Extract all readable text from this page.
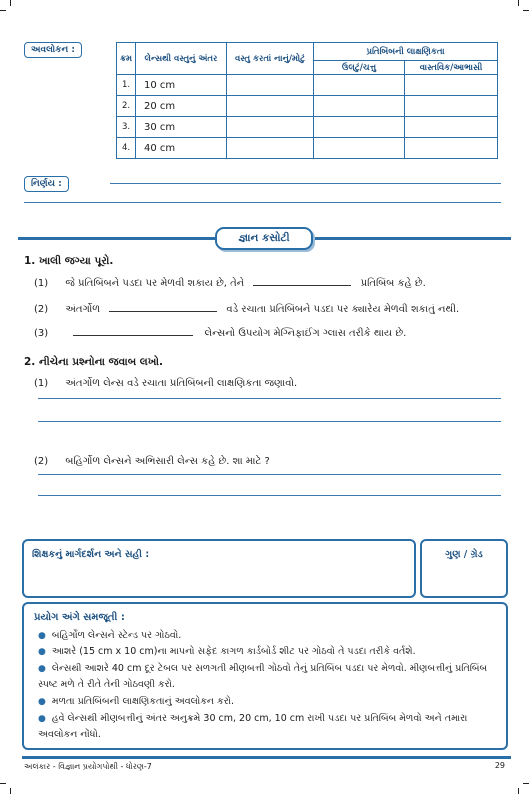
અવલોકન :
ક્રમ	લેન્સથી વસ્તુનું અંતર	વસ્તુ કરતાં નાનું/મોટું	પ્રતિબિંબની લાક્ષણિકતા	
			ઉલટું/ચત્તુ	વાસ્તવિક/આભાસી
1.	10 cm			
2.	20 cm			
3.	30 cm			
4.	40 cm			
નિર્ણય :
જ્ઞાન કસોટી
1. ખાલી જગ્યા પૂરો.
(1) જે પ્રતિબિંબને પડદા પર મેળવી શકાય છે, તેને	પ્રતિબિંબ કહે છે.
(2) અંતર્ગોળ	વડે રચાતા પ્રતિબિંબને પડદા પર ક્યારેય મેળવી શકાતું નથી.
(3)	લેન્સનો ઉપયોગ મેગ્નિફાઈંગ ગ્લાસ તરીકે થાય છે.
2. નીચેના પ્રશ્નોના જવાબ લખો.
(1) અંતર્ગોળ લેન્સ વડે રચાતા પ્રતિબિંબની લાક્ષણિકતા જણાવો.
(2) બહિર્ગોળ લેન્સને અભિસારી લેન્સ કહે છે. શા માટે ?
શિક્ષકનું માર્ગદર્શન અને સહી :	ગુણ / ગ્રેડ
પ્રયોગ અંગે સમજૂતી :
● બહિર્ગોળ લેન્સને સ્ટેન્ડ પર ગોઠવો.
● આશરે (15 cm x 10 cm)ના માપનો સફેદ કાગળ કાર્ડબોર્ડ શીટ પર ગોઠવો તે પડદા તરીકે વર્તશે.
● લેન્સથી આશરે 40 cm દૂર ટેબલ પર સળગતી મીણબત્તી ગોઠવો તેનું પ્રતિબિંબ પડદા પર મેળવો. મીણબત્તીનું પ્રતિબિંબ સ્પષ્ટ મળે તે રીતે તેની ગોઠવણી કરો.
● મળતા પ્રતિબિંબની લાક્ષણિકતાનું અવલોકન કરો.
● હવે લેન્સથી મીણબત્તીનું અંતર અનુક્રમે 30 cm, 20 cm, 10 cm રાખી પડદા પર પ્રતિબિંબ મેળવો અને તમારા અવલોકન નોંધો.
અલંકાર - વિજ્ઞાન પ્રયોગપોથી - ધોરણ-7	29
